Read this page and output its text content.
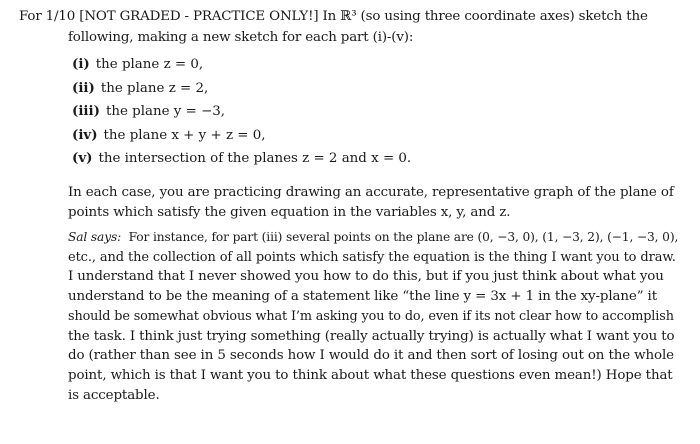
For 1/10 [NOT GRADED - PRACTICE ONLY!] In ℝ³ (so using three coordinate axes) sketch the
following, making a new sketch for each part (i)-(v):
(i) the plane z = 0,
(ii) the plane z = 2,
(iii) the plane y = −3,
(iv) the plane x + y + z = 0,
(v) the intersection of the planes z = 2 and x = 0.
In each case, you are practicing drawing an accurate, representative graph of the plane of
points which satisfy the given equation in the variables x, y, and z.
Sal says: For instance, for part (iii) several points on the plane are (0, −3, 0), (1, −3, 2), (−1, −3, 0),
etc., and the collection of all points which satisfy the equation is the thing I want you to draw.
I understand that I never showed you how to do this, but if you just think about what you
understand to be the meaning of a statement like “the line y = 3x + 1 in the xy-plane” it
should be somewhat obvious what I’m asking you to do, even if its not clear how to accomplish
the task. I think just trying something (really actually trying) is actually what I want you to
do (rather than see in 5 seconds how I would do it and then sort of losing out on the whole
point, which is that I want you to think about what these questions even mean!) Hope that
is acceptable.
